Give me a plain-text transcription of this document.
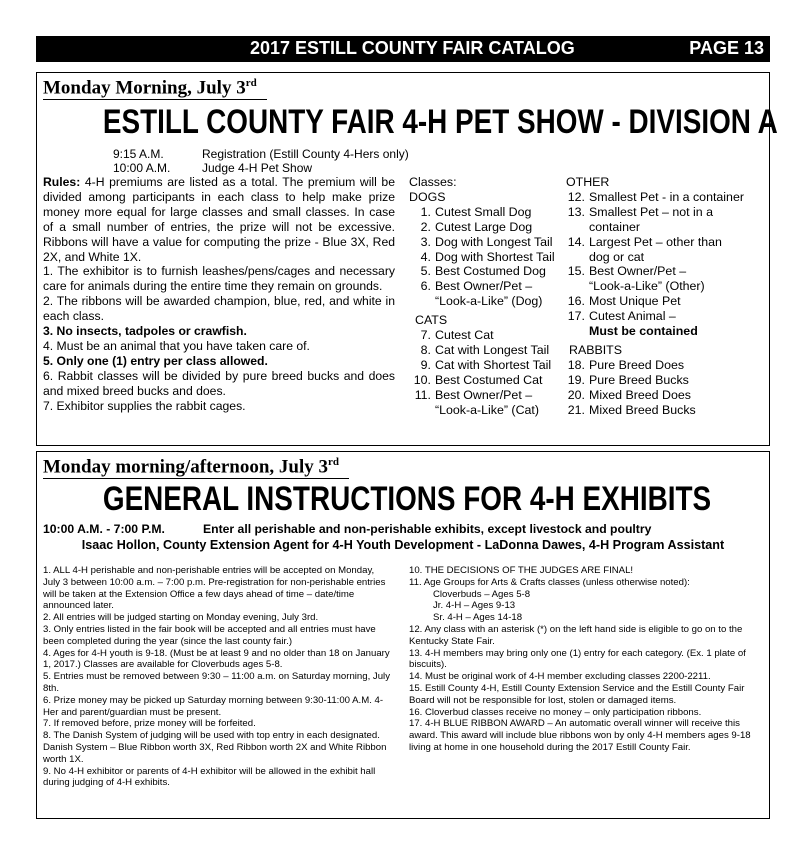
2017 ESTILL COUNTY FAIR CATALOG	PAGE 13
Monday Morning, July 3rd
ESTILL COUNTY FAIR 4-H PET SHOW - DIVISION A
9:15 A.M.	Registration (Estill County 4-Hers only)
10:00 A.M.	Judge 4-H Pet Show

Rules: 4-H premiums are listed as a total. The premium will be divided among participants in each class to help make prize money more equal for large classes and small classes. In case of a small number of entries, the prize will not be excessive. Ribbons will have a value for computing the prize - Blue 3X, Red 2X, and White 1X.

1. The exhibitor is to furnish leashes/pens/cages and necessary care for animals during the entire time they remain on grounds.

2. The ribbons will be awarded champion, blue, red, and white in each class.

3. No insects, tadpoles or crawfish.

4. Must be an animal that you have taken care of.

5. Only one (1) entry per class allowed.

6. Rabbit classes will be divided by pure breed bucks and does and mixed breed bucks and does.

7. Exhibitor supplies the rabbit cages.

Classes:
DOGS
1. Cutest Small Dog
2. Cutest Large Dog
3. Dog with Longest Tail
4. Dog with Shortest Tail
5. Best Costumed Dog
6. Best Owner/Pet –
“Look-a-Like” (Dog)
CATS
7. Cutest Cat
8. Cat with Longest Tail
9. Cat with Shortest Tail
10. Best Costumed Cat
11. Best Owner/Pet –
“Look-a-Like” (Cat)
OTHER
12. Smallest Pet - in a container
13. Smallest Pet – not in a
container
14. Largest Pet – other than
dog or cat
15. Best Owner/Pet –
“Look-a-Like” (Other)
16. Most Unique Pet
17. Cutest Animal –
Must be contained
RABBITS
18. Pure Breed Does
19. Pure Breed Bucks
20. Mixed Breed Does
21. Mixed Breed Bucks
Monday morning/afternoon, July 3rd
GENERAL INSTRUCTIONS FOR 4-H EXHIBITS
10:00 A.M. - 7:00 P.M.	Enter all perishable and non-perishable exhibits, except livestock and poultry
Isaac Hollon, County Extension Agent for 4-H Youth Development - LaDonna Dawes, 4-H Program Assistant

1. ALL 4-H perishable and non-perishable entries will be accepted on Monday, July 3 between 10:00 a.m. – 7:00 p.m. Pre-registration for non-perishable entries will be taken at the Extension Office a few days ahead of time – date/time announced later.

2. All entries will be judged starting on Monday evening, July 3rd.

3. Only entries listed in the fair book will be accepted and all entries must have been completed during the year (since the last county fair.)

4. Ages for 4-H youth is 9-18. (Must be at least 9 and no older than 18 on January 1, 2017.) Classes are available for Cloverbuds ages 5-8.

5. Entries must be removed between 9:30 – 11:00 a.m. on Saturday morning, July 8th.

6. Prize money may be picked up Saturday morning between 9:30-11:00 A.M. 4-Her and parent/guardian must be present.

7. If removed before, prize money will be forfeited.

8. The Danish System of judging will be used with top entry in each designated. Danish System – Blue Ribbon worth 3X, Red Ribbon worth 2X and White Ribbon worth 1X.

9. No 4-H exhibitor or parents of 4-H exhibitor will be allowed in the exhibit hall during judging of 4-H exhibits.

10. THE DECISIONS OF THE JUDGES ARE FINAL!

11. Age Groups for Arts & Crafts classes (unless otherwise noted):

Cloverbuds – Ages 5-8

Jr. 4-H – Ages 9-13

Sr. 4-H – Ages 14-18

12. Any class with an asterisk (*) on the left hand side is eligible to go on to the Kentucky State Fair.

13. 4-H members may bring only one (1) entry for each category. (Ex. 1 plate of biscuits).

14. Must be original work of 4-H member excluding classes 2200-2211.

15. Estill County 4-H, Estill County Extension Service and the Estill County Fair Board will not be responsible for lost, stolen or damaged items.

16. Cloverbud classes receive no money – only participation ribbons.

17. 4-H BLUE RIBBON AWARD – An automatic overall winner will receive this award. This award will include blue ribbons won by only 4-H members ages 9-18 living at home in one household during the 2017 Estill County Fair.
